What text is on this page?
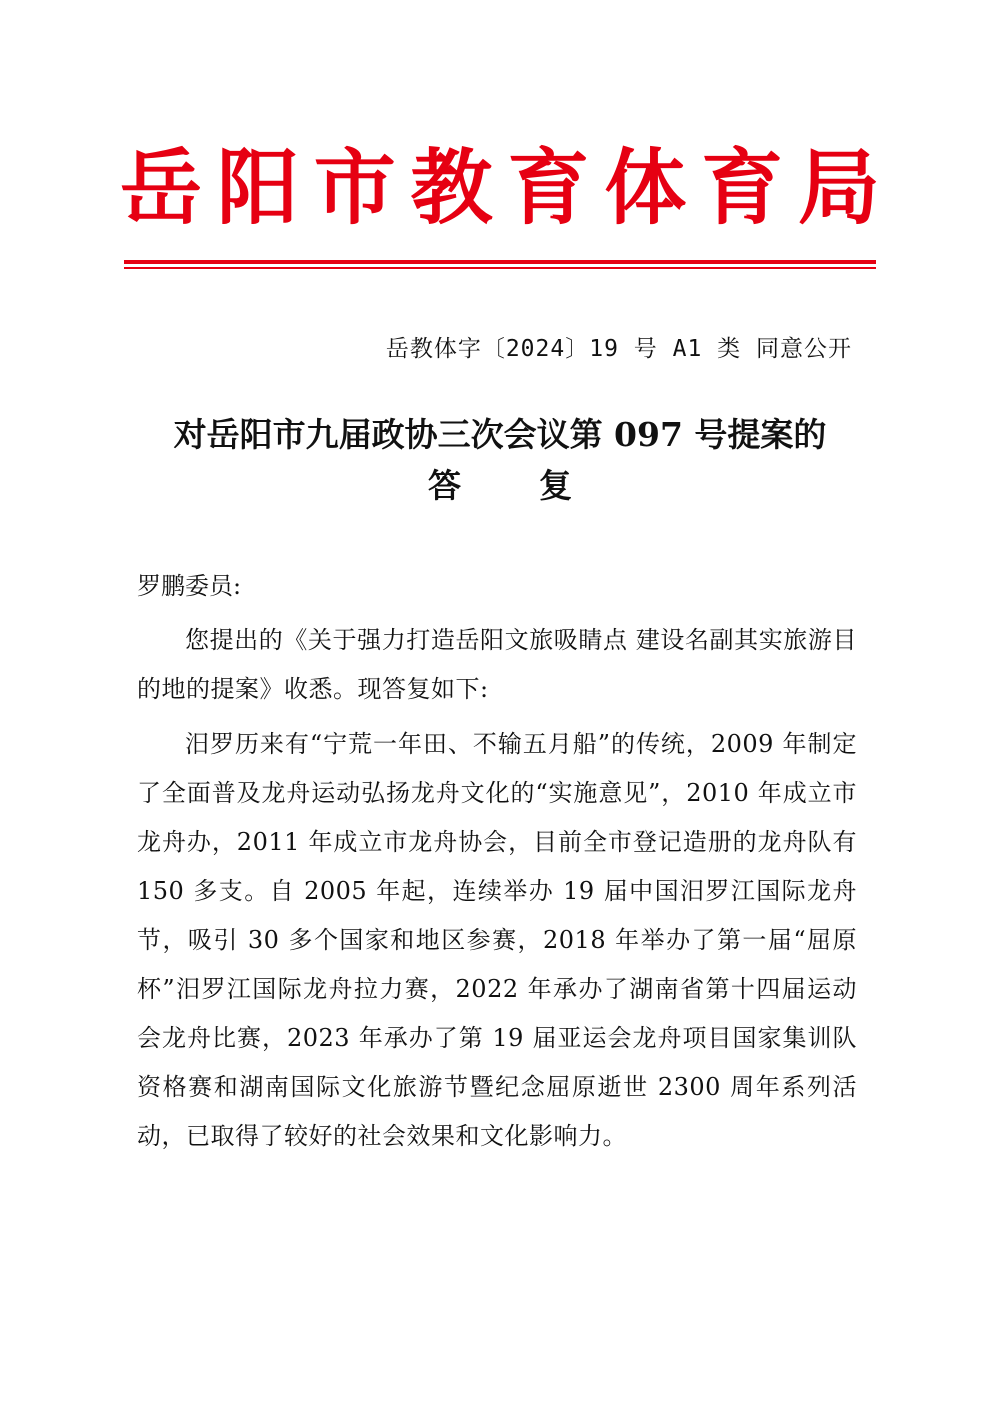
岳 阳 市 教 育 体 育 局
岳教体字〔2024〕19 号 A1 类 同意公开
对岳阳市九届政协三次会议第 097 号提案的
答复
罗鹏委员:
您提出的《关于强力打造岳阳文旅吸睛点 建设名副其实旅游目的地的提案》收悉。现答复如下:
汨罗历来有“宁荒一年田、不输五月船”的传统，2009 年制定了全面普及龙舟运动弘扬龙舟文化的“实施意见”，2010 年成立市龙舟办，2011 年成立市龙舟协会，目前全市登记造册的龙舟队有 150 多支。自 2005 年起，连续举办 19 届中国汨罗江国际龙舟节，吸引 30 多个国家和地区参赛，2018 年举办了第一届“屈原杯”汨罗江国际龙舟拉力赛，2022 年承办了湖南省第十四届运动会龙舟比赛，2023 年承办了第 19 届亚运会龙舟项目国家集训队资格赛和湖南国际文化旅游节暨纪念屈原逝世 2300 周年系列活动，已取得了较好的社会效果和文化影响力。
